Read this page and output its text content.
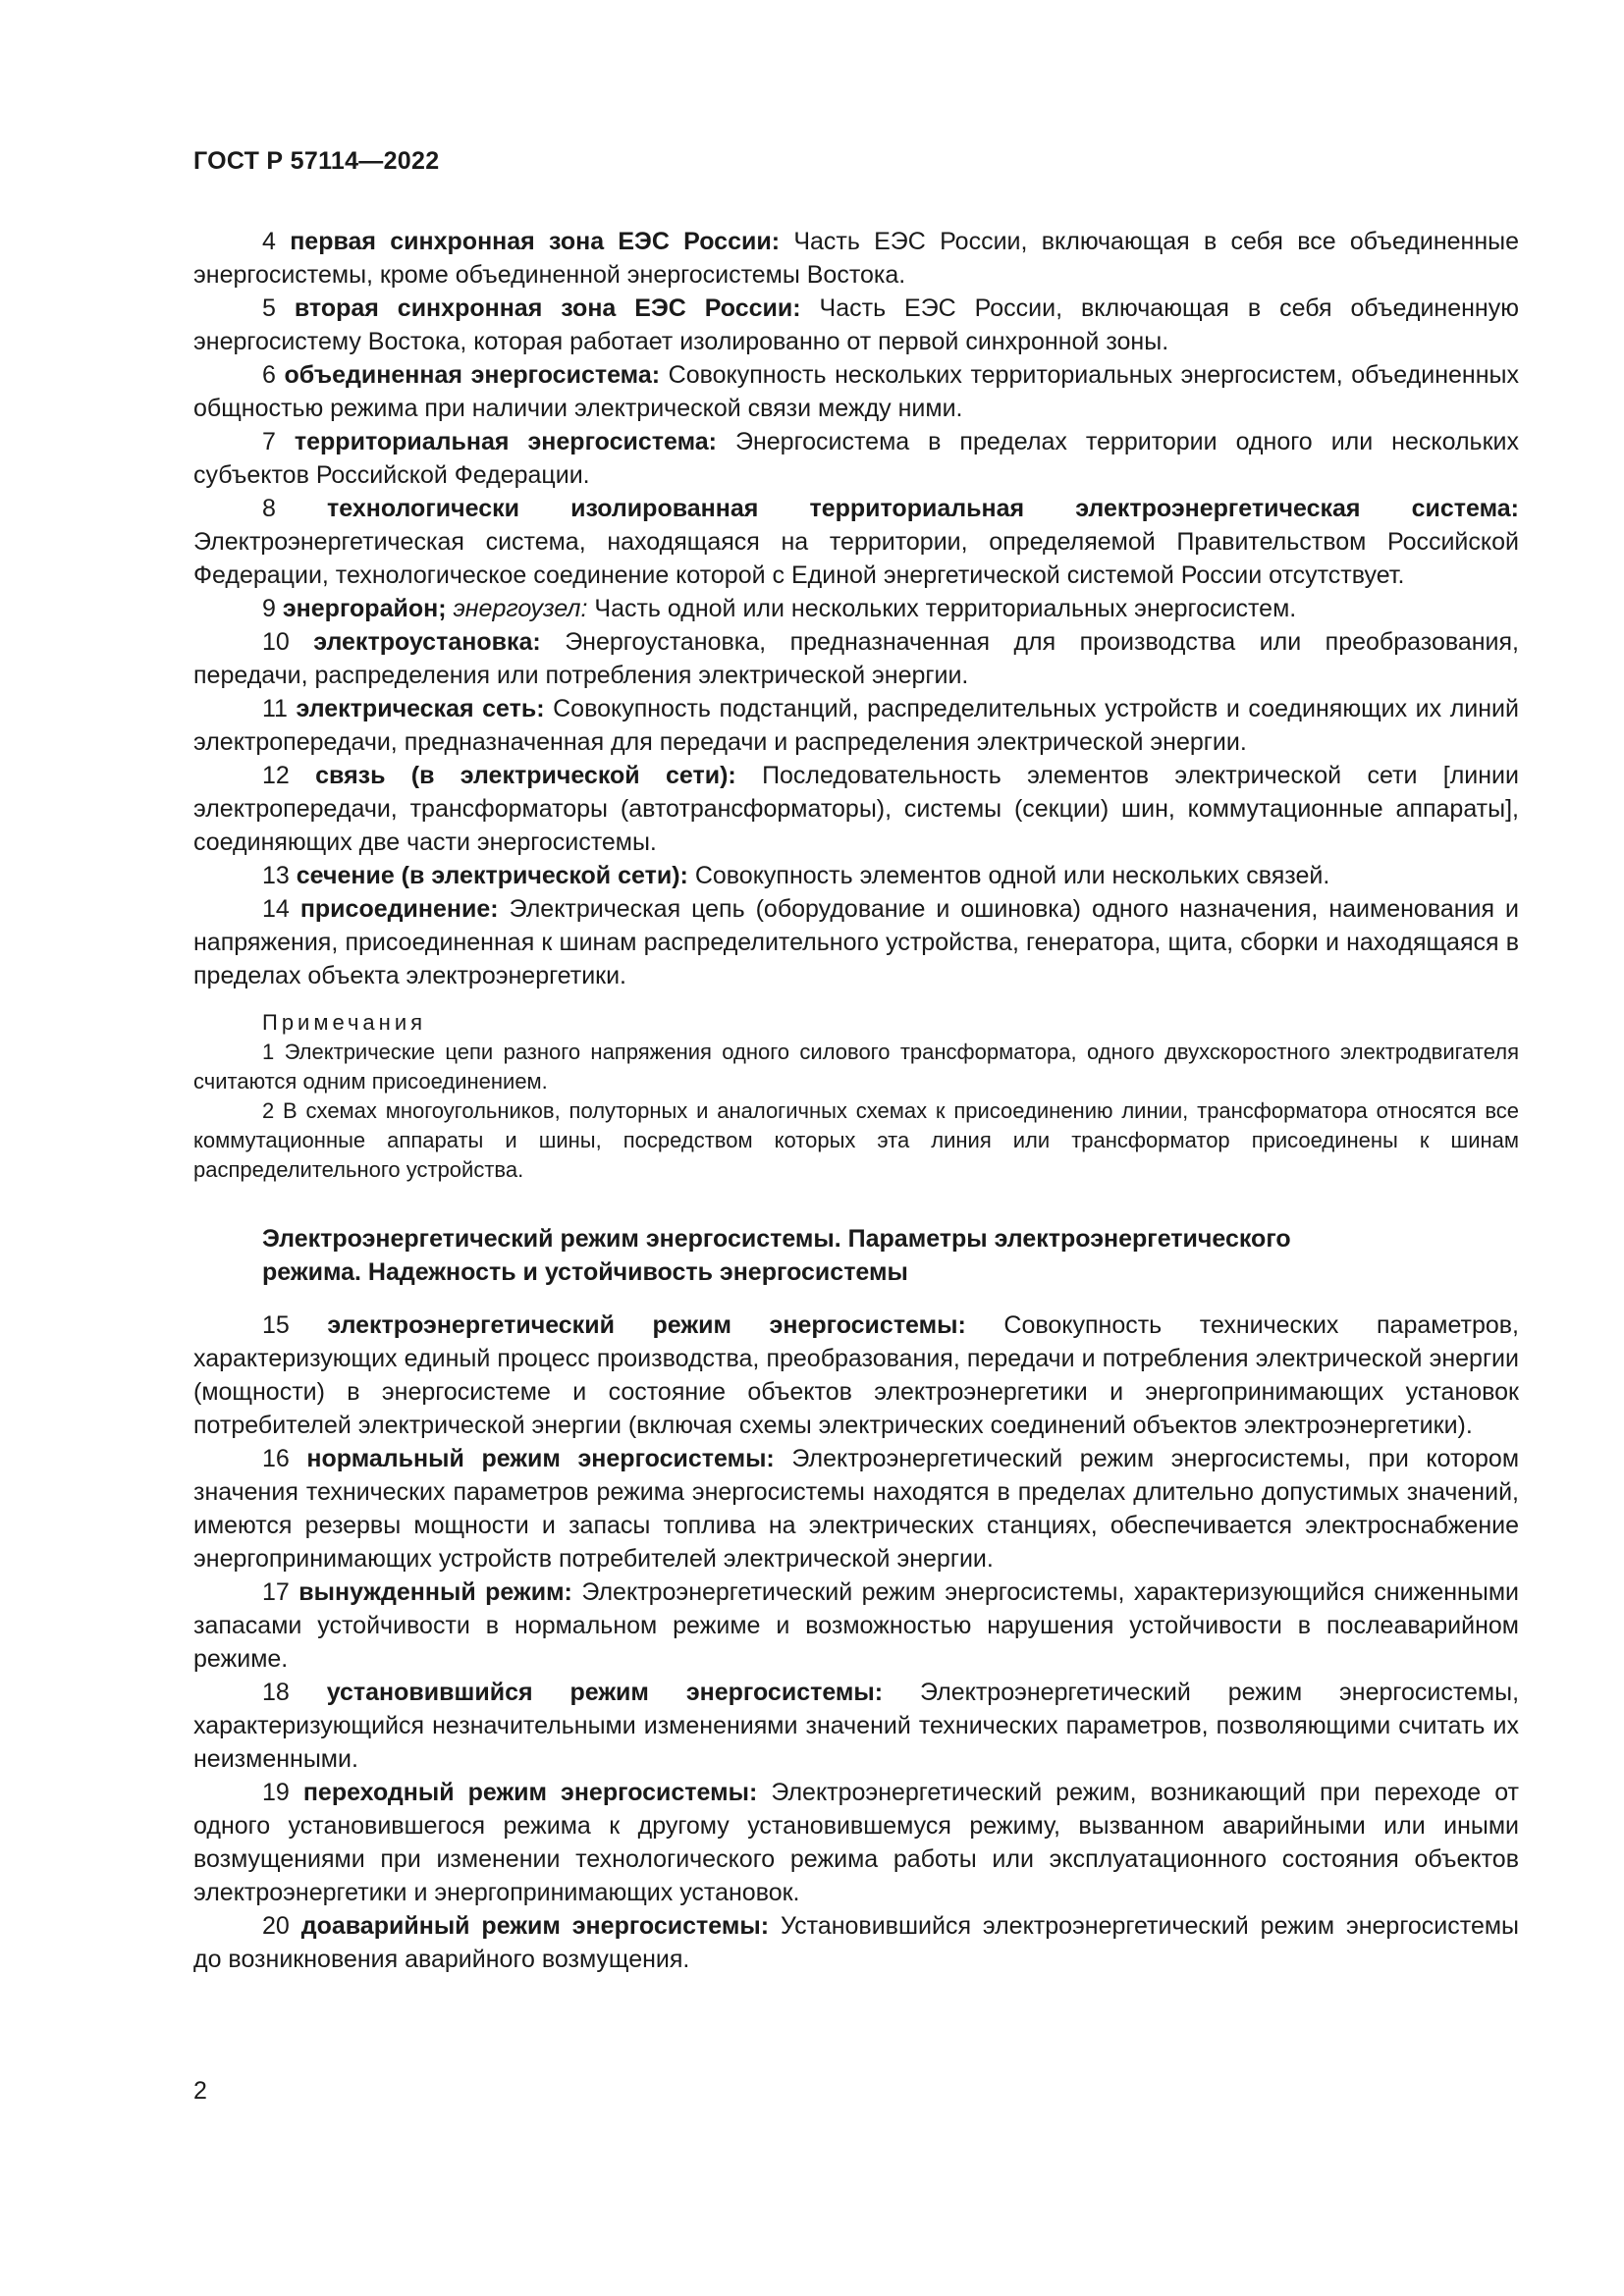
ГОСТ Р 57114—2022

4 первая синхронная зона ЕЭС России: Часть ЕЭС России, включающая в себя все объединенные энергосистемы, кроме объединенной энергосистемы Востока.

5 вторая синхронная зона ЕЭС России: Часть ЕЭС России, включающая в себя объединенную энергосистему Востока, которая работает изолированно от первой синхронной зоны.

6 объединенная энергосистема: Совокупность нескольких территориальных энергосистем, объединенных общностью режима при наличии электрической связи между ними.

7 территориальная энергосистема: Энергосистема в пределах территории одного или нескольких субъектов Российской Федерации.

8 технологически изолированная территориальная электроэнергетическая система: Электроэнергетическая система, находящаяся на территории, определяемой Правительством Российской Федерации, технологическое соединение которой с Единой энергетической системой России отсутствует.

9 энергорайон; энергоузел: Часть одной или нескольких территориальных энергосистем.

10 электроустановка: Энергоустановка, предназначенная для производства или преобразования, передачи, распределения или потребления электрической энергии.

11 электрическая сеть: Совокупность подстанций, распределительных устройств и соединяющих их линий электропередачи, предназначенная для передачи и распределения электрической энергии.

12 связь (в электрической сети): Последовательность элементов электрической сети [линии электропередачи, трансформаторы (автотрансформаторы), системы (секции) шин, коммутационные аппараты], соединяющих две части энергосистемы.

13 сечение (в электрической сети): Совокупность элементов одной или нескольких связей.

14 присоединение: Электрическая цепь (оборудование и ошиновка) одного назначения, наименования и напряжения, присоединенная к шинам распределительного устройства, генератора, щита, сборки и находящаяся в пределах объекта электроэнергетики.

Примечания

1 Электрические цепи разного напряжения одного силового трансформатора, одного двухскоростного электродвигателя считаются одним присоединением.

2 В схемах многоугольников, полуторных и аналогичных схемах к присоединению линии, трансформатора относятся все коммутационные аппараты и шины, посредством которых эта линия или трансформатор присоединены к шинам распределительного устройства.

Электроэнергетический режим энергосистемы. Параметры электроэнергетического
режима. Надежность и устойчивость энергосистемы

15 электроэнергетический режим энергосистемы: Совокупность технических параметров, характеризующих единый процесс производства, преобразования, передачи и потребления электрической энергии (мощности) в энергосистеме и состояние объектов электроэнергетики и энергопринимающих установок потребителей электрической энергии (включая схемы электрических соединений объектов электроэнергетики).

16 нормальный режим энергосистемы: Электроэнергетический режим энергосистемы, при котором значения технических параметров режима энергосистемы находятся в пределах длительно допустимых значений, имеются резервы мощности и запасы топлива на электрических станциях, обеспечивается электроснабжение энергопринимающих устройств потребителей электрической энергии.

17 вынужденный режим: Электроэнергетический режим энергосистемы, характеризующийся сниженными запасами устойчивости в нормальном режиме и возможностью нарушения устойчивости в послеаварийном режиме.

18 установившийся режим энергосистемы: Электроэнергетический режим энергосистемы, характеризующийся незначительными изменениями значений технических параметров, позволяющими считать их неизменными.

19 переходный режим энергосистемы: Электроэнергетический режим, возникающий при переходе от одного установившегося режима к другому установившемуся режиму, вызванном аварийными или иными возмущениями при изменении технологического режима работы или эксплуатационного состояния объектов электроэнергетики и энергопринимающих установок.

20 доаварийный режим энергосистемы: Установившийся электроэнергетический режим энергосистемы до возникновения аварийного возмущения.

2
